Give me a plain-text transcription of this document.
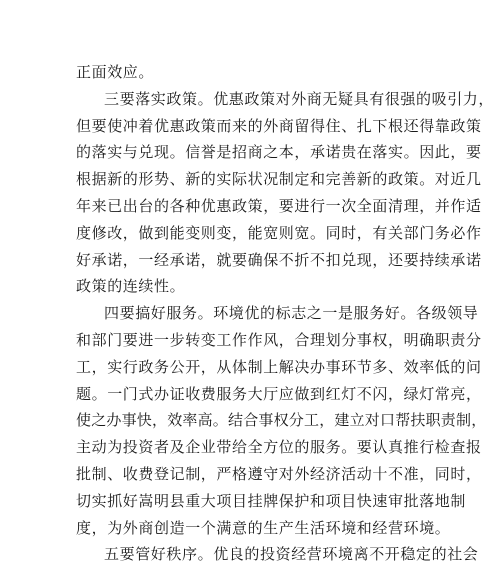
正面效应。
三要落实政策。优惠政策对外商无疑具有很强的吸引力，
但要使冲着优惠政策而来的外商留得住、扎下根还得靠政策
的落实与兑现。信誉是招商之本，承诺贵在落实。因此，要
根据新的形势、新的实际状况制定和完善新的政策。对近几
年来已出台的各种优惠政策，要进行一次全面清理，并作适
度修改，做到能变则变，能宽则宽。同时，有关部门务必作
好承诺，一经承诺，就要确保不折不扣兑现，还要持续承诺
政策的连续性。
四要搞好服务。环境优的标志之一是服务好。各级领导
和部门要进一步转变工作作风，合理划分事权，明确职责分
工，实行政务公开，从体制上解决办事环节多、效率低的问
题。一门式办证收费服务大厅应做到红灯不闪，绿灯常亮，
使之办事快，效率高。结合事权分工，建立对口帮扶职责制，
主动为投资者及企业带给全方位的服务。要认真推行检查报
批制、收费登记制，严格遵守对外经济活动十不准，同时，
切实抓好嵩明县重大项目挂牌保护和项目快速审批落地制
度，为外商创造一个满意的生产生活环境和经营环境。
五要管好秩序。优良的投资经营环境离不开稳定的社会
